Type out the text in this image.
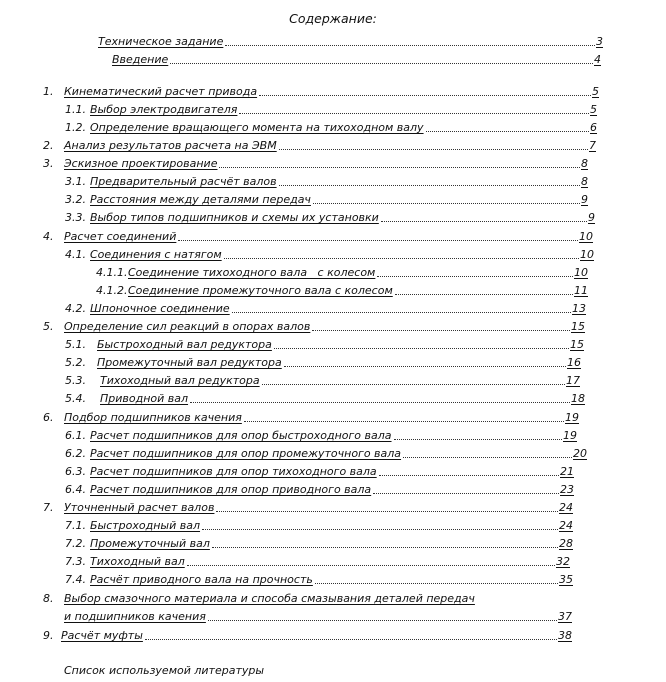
Содержание:
Техническое задание	3
Введение	4
1. Кинематический расчет привода	5
1.1. Выбор электродвигателя	5
1.2. Определение вращающего момента на тихоходном валу	6
2. Анализ результатов расчета на ЭВМ	7
3. Эскизное проектирование	8
3.1. Предварительный расчёт валов	8
3.2. Расстояния между деталями передач	9
3.3. Выбор типов подшипников и схемы их установки	9
4. Расчет соединений	10
4.1. Соединения с натягом	10
4.1.1. Соединение тихоходного вала   с колесом	10
4.1.2. Соединение промежуточного вала с колесом	11
4.2. Шпоночное соединение	13
5. Определение сил реакций в опорах валов	15
5.1.	Быстроходный вал редуктора	15
5.2.	Промежуточный вал редуктора	16
5.3.	Тихоходный вал редуктора	17
5.4.	Приводной вал	18
6. Подбор подшипников качения	19
6.1. Расчет подшипников для опор быстроходного вала	19
6.2. Расчет подшипников для опор промежуточного вала	20
6.3. Расчет подшипников для опор тихоходного вала	21
6.4. Расчет подшипников для опор приводного вала	23
7. Уточненный расчет валов	24
7.1. Быстроходный вал	24
7.2. Промежуточный вал	28
7.3. Тихоходный вал	32
7.4. Расчёт приводного вала на прочность	35
8. Выбор смазочного материала и способа смазывания деталей передач
и подшипников качения	37
9. Расчёт муфты	38
Список используемой литературы
